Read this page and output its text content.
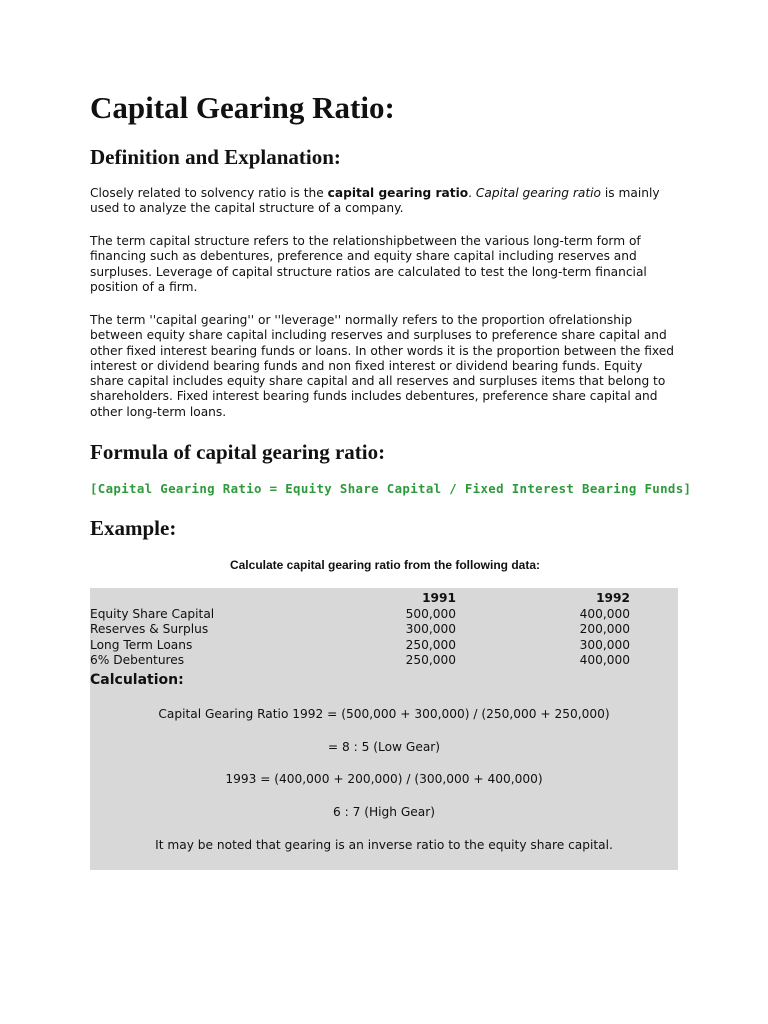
Capital Gearing Ratio:
Definition and Explanation:

Closely related to solvency ratio is the capital gearing ratio. Capital gearing ratio is mainly used to analyze the capital structure of a company.

The term capital structure refers to the relationshipbetween the various long-term form of financing such as debentures, preference and equity share capital including reserves and surpluses. Leverage of capital structure ratios are calculated to test the long-term financial position of a firm.

The term ''capital gearing'' or ''leverage'' normally refers to the proportion ofrelationship between equity share capital including reserves and surpluses to preference share capital and other fixed interest bearing funds or loans. In other words it is the proportion between the fixed interest or dividend bearing funds and non fixed interest or dividend bearing funds. Equity share capital includes equity share capital and all reserves and surpluses items that belong to shareholders. Fixed interest bearing funds includes debentures, preference share capital and other long-term loans.

Formula of capital gearing ratio:
[Capital Gearing Ratio = Equity Share Capital / Fixed Interest Bearing Funds]
Example:
Calculate capital gearing ratio from the following data:
	1991	1992
Equity Share Capital	500,000	400,000
Reserves & Surplus	300,000	200,000
Long Term Loans	250,000	300,000
6% Debentures	250,000	400,000
Calculation:
Capital Gearing Ratio 1992 = (500,000 + 300,000) / (250,000 + 250,000)
= 8 : 5 (Low Gear)
1993 = (400,000 + 200,000) / (300,000 + 400,000)
6 : 7 (High Gear)
It may be noted that gearing is an inverse ratio to the equity share capital.
